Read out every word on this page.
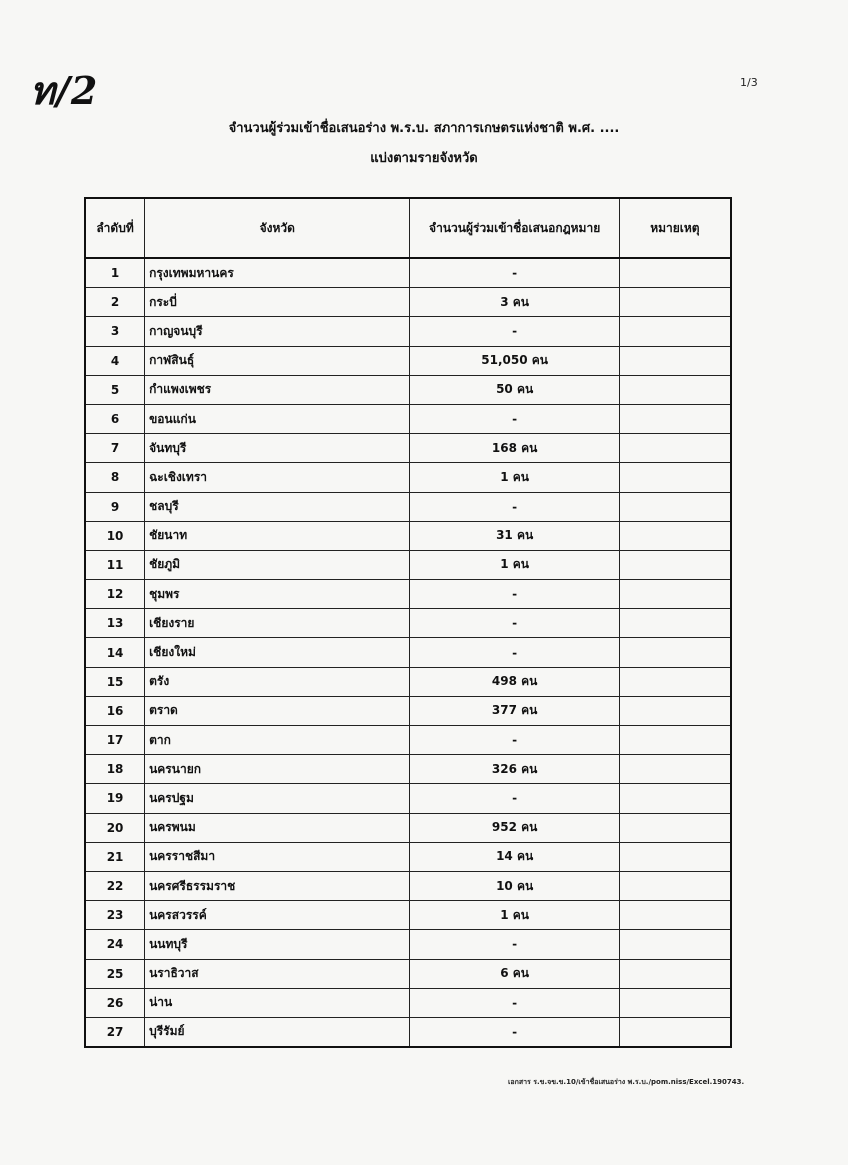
ท/2	1/3
จำนวนผู้ร่วมเข้าชื่อเสนอร่าง พ.ร.บ. สภาการเกษตรแห่งชาติ พ.ศ. ....
แบ่งตามรายจังหวัด
ลำดับที่	จังหวัด	จำนวนผู้ร่วมเข้าชื่อเสนอกฎหมาย	หมายเหตุ
1	กรุงเทพมหานคร	-	
2	กระบี่	3 คน	
3	กาญจนบุรี	-	
4	กาฬสินธุ์	51,050 คน	
5	กำแพงเพชร	50 คน	
6	ขอนแก่น	-	
7	จันทบุรี	168 คน	
8	ฉะเชิงเทรา	1 คน	
9	ชลบุรี	-	
10	ชัยนาท	31 คน	
11	ชัยภูมิ	1 คน	
12	ชุมพร	-	
13	เชียงราย	-	
14	เชียงใหม่	-	
15	ตรัง	498 คน	
16	ตราด	377 คน	
17	ตาก	-	
18	นครนายก	326 คน	
19	นครปฐม	-	
20	นครพนม	952 คน	
21	นครราชสีมา	14 คน	
22	นครศรีธรรมราช	10 คน	
23	นครสวรรค์	1 คน	
24	นนทบุรี	-	
25	นราธิวาส	6 คน	
26	น่าน	-	
27	บุรีรัมย์	-	
เอกสาร ร.ข.จข.ข.10/เข้าชื่อเสนอร่าง พ.ร.บ./pom.niss/Excel.190743.
